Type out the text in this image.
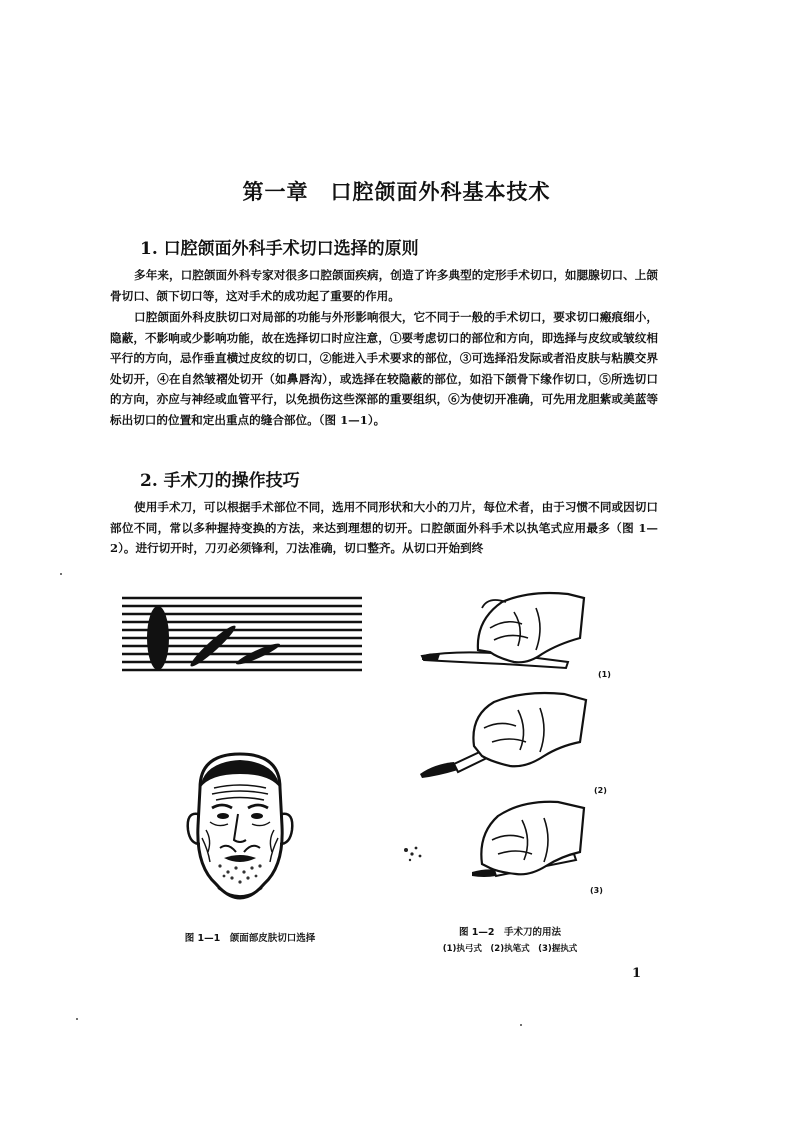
第一章　口腔颌面外科基本技术
1. 口腔颌面外科手术切口选择的原则

多年来，口腔颌面外科专家对很多口腔颌面疾病，创造了许多典型的定形手术切口，如腮腺切口、上颌骨切口、颌下切口等，这对手术的成功起了重要的作用。

口腔颌面外科皮肤切口对局部的功能与外形影响很大，它不同于一般的手术切口，要求切口瘢痕细小，隐蔽，不影响或少影响功能，故在选择切口时应注意，①要考虑切口的部位和方向，即选择与皮纹或皱纹相平行的方向，忌作垂直横过皮纹的切口，②能进入手术要求的部位，③可选择沿发际或者沿皮肤与粘膜交界处切开，④在自然皱褶处切开（如鼻唇沟），或选择在较隐蔽的部位，如沿下颌骨下缘作切口，⑤所选切口的方向，亦应与神经或血管平行，以免损伤这些深部的重要组织，⑥为使切开准确，可先用龙胆紫或美蓝等标出切口的位置和定出重点的缝合部位。（图 1—1）。

2. 手术刀的操作技巧

使用手术刀，可以根据手术部位不同，选用不同形状和大小的刀片，每位术者，由于习惯不同或因切口部位不同，常以多种握持变换的方法，来达到理想的切开。口腔颌面外科手术以执笔式应用最多（图 1—2）。进行切开时，刀刃必须锋利，刀法准确，切口整齐。从切口开始到终

图 1—1　颌面部皮肤切口选择
(1)
(2)
(3)
图 1—2　手术刀的用法
(1)执弓式　(2)执笔式　(3)握执式
1
